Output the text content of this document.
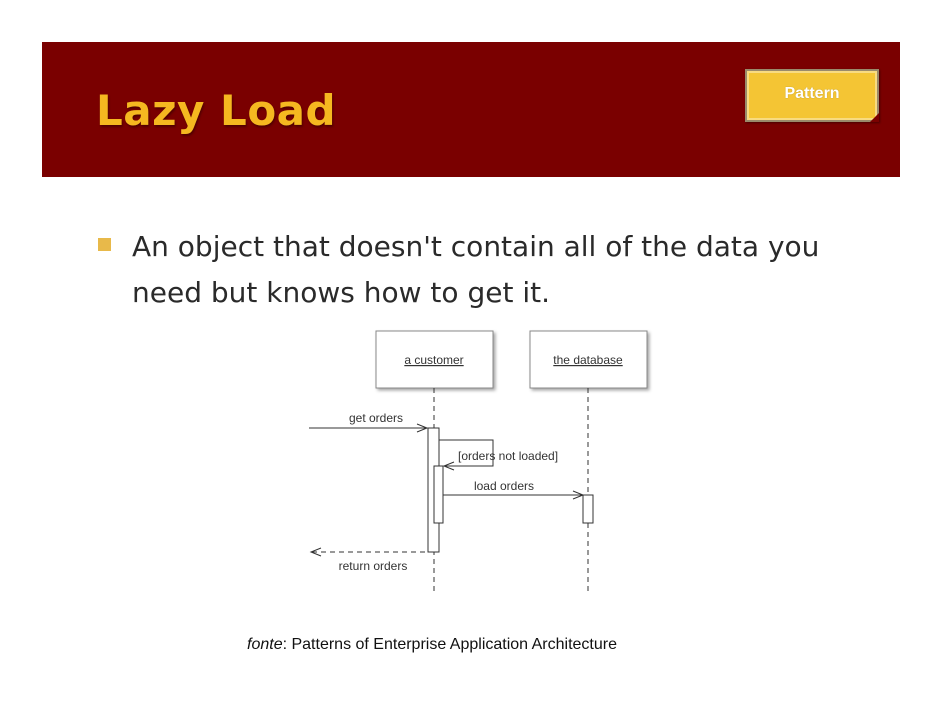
Pattern
Lazy Load

An object that doesn't contain all of the data you need but knows how to get it.

a customer	the database
get orders
[orders not loaded]
load orders
return orders
fonte: Patterns of Enterprise Application Architecture
